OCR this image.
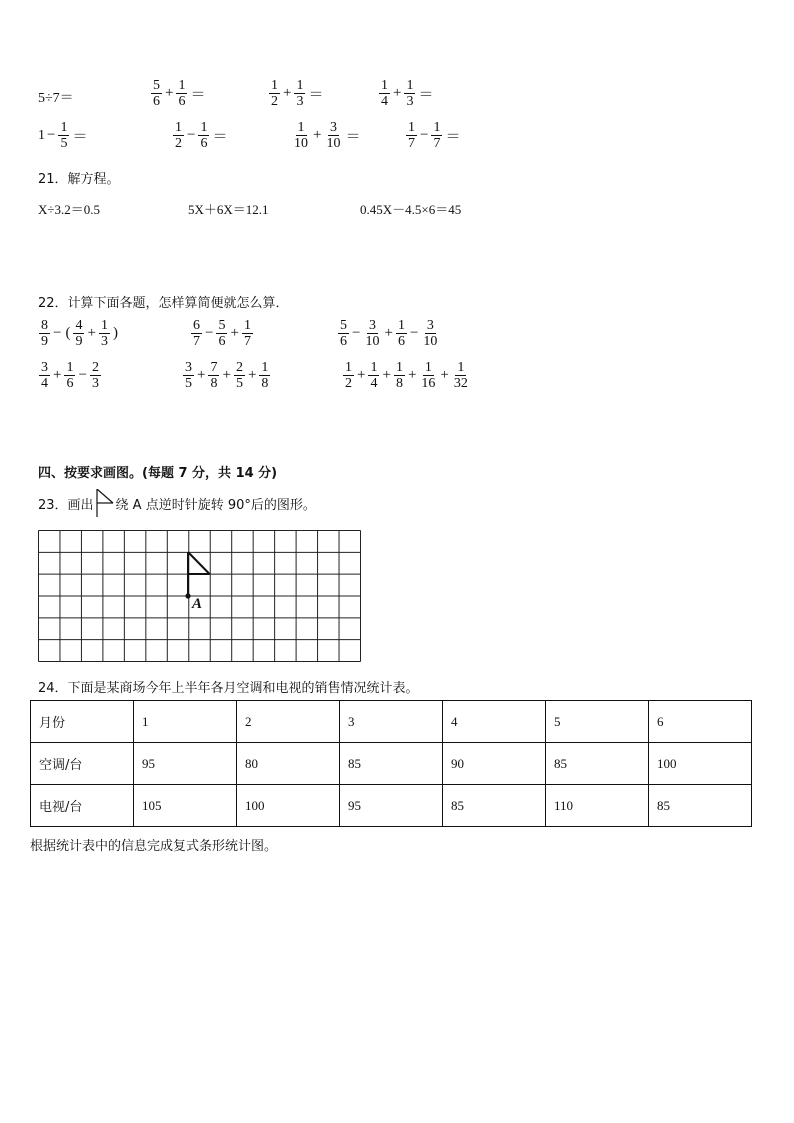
5÷7＝	$\frac{5}{6} + \frac{1}{6}$ ＝	$\frac{1}{2} + \frac{1}{3}$ ＝	$\frac{1}{4} + \frac{1}{3}$ ＝
$1 - \frac{1}{5}$ ＝	$\frac{1}{2} - \frac{1}{6}$ ＝	$\frac{1}{10} + \frac{3}{10}$ ＝	$\frac{1}{7} - \frac{1}{7}$ ＝
21．解方程。
X÷3.2＝0.5	5X＋6X＝12.1	0.45X－4.5×6＝45
22．计算下面各题，怎样算简便就怎么算．
$\frac{8}{9}$ − ( $\frac{4}{9} + \frac{1}{3}$ )	$\frac{6}{7} - \frac{5}{6} + \frac{1}{7}$	$\frac{5}{6} - \frac{3}{10} + \frac{1}{6} - \frac{3}{10}$
$\frac{3}{4} + \frac{1}{6} - \frac{2}{3}$	$\frac{3}{5} + \frac{7}{8} + \frac{2}{5} + \frac{1}{8}$	$\frac{1}{2} + \frac{1}{4} + \frac{1}{8} + \frac{1}{16} + \frac{1}{32}$
四、按要求画图。(每题 7 分，共 14 分)
23．画出 绕 A 点逆时针旋转 90°后的图形。
A
24．下面是某商场今年上半年各月空调和电视的销售情况统计表。
月份	1	2	3	4	5	6
空调/台	95	80	85	90	85	100
电视/台	105	100	95	85	110	85
根据统计表中的信息完成复式条形统计图。
